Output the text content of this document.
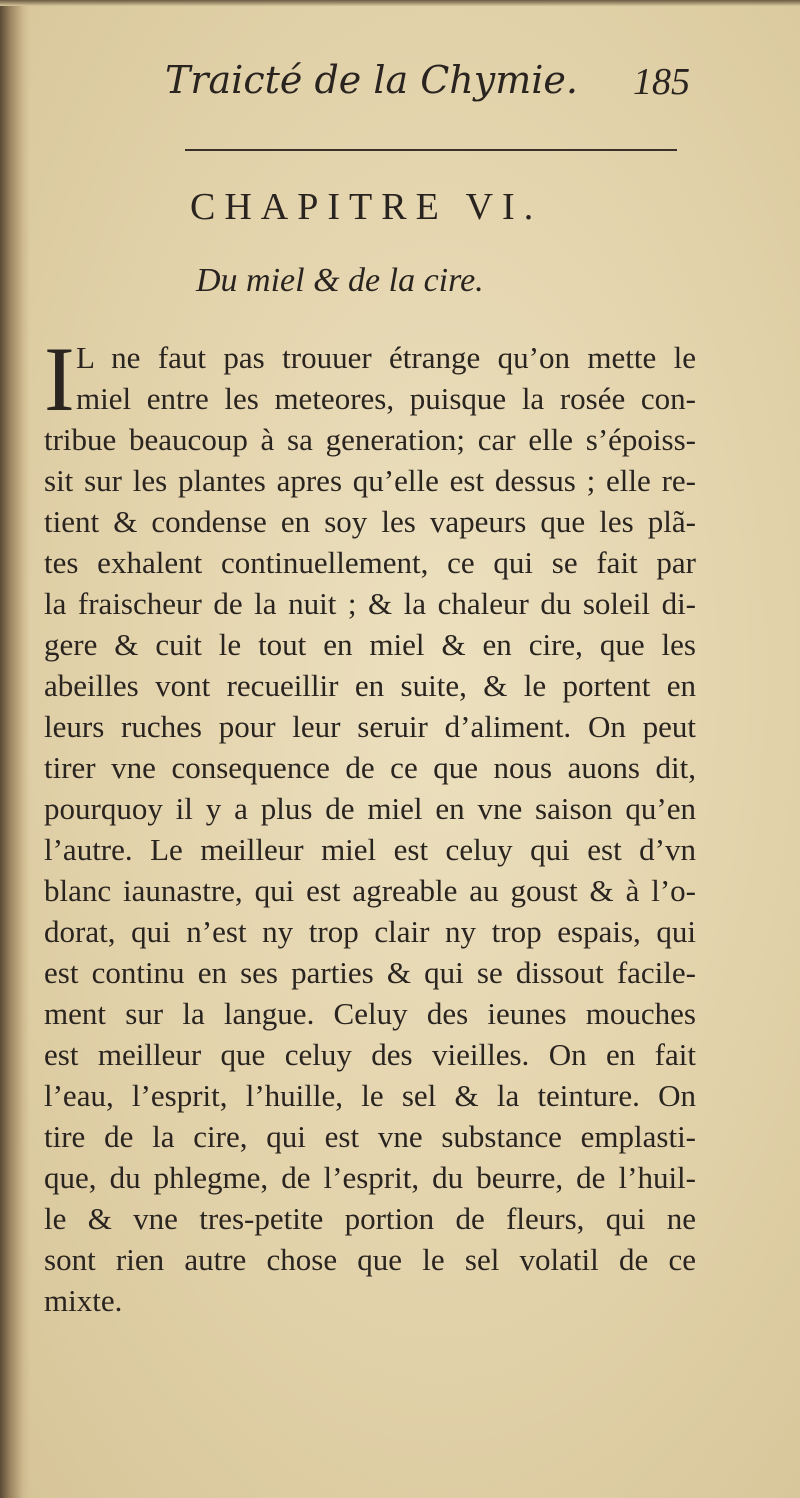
Traicté de la Chymie. 185
CHAPITRE VI.
Du miel & de la cire.
I L ne faut pas trouuer étrange qu’on mette le
miel entre les meteores, puisque la rosée con-
tribue beaucoup à sa generation; car elle s’époiss-
sit sur les plantes apres qu’elle est dessus ; elle re-
tient & condense en soy les vapeurs que les plã-
tes exhalent continuellement, ce qui se fait par
la fraischeur de la nuit ; & la chaleur du soleil di-
gere & cuit le tout en miel & en cire, que les
abeilles vont recueillir en suite, & le portent en
leurs ruches pour leur seruir d’aliment. On peut
tirer vne consequence de ce que nous auons dit,
pourquoy il y a plus de miel en vne saison qu’en
l’autre. Le meilleur miel est celuy qui est d’vn
blanc iaunastre, qui est agreable au goust & à l’o-
dorat, qui n’est ny trop clair ny trop espais, qui
est continu en ses parties & qui se dissout facile-
ment sur la langue. Celuy des ieunes mouches
est meilleur que celuy des vieilles. On en fait
l’eau, l’esprit, l’huille, le sel & la teinture. On
tire de la cire, qui est vne substance emplasti-
que, du phlegme, de l’esprit, du beurre, de l’huil-
le & vne tres-petite portion de fleurs, qui ne
sont rien autre chose que le sel volatil de ce
mixte.
